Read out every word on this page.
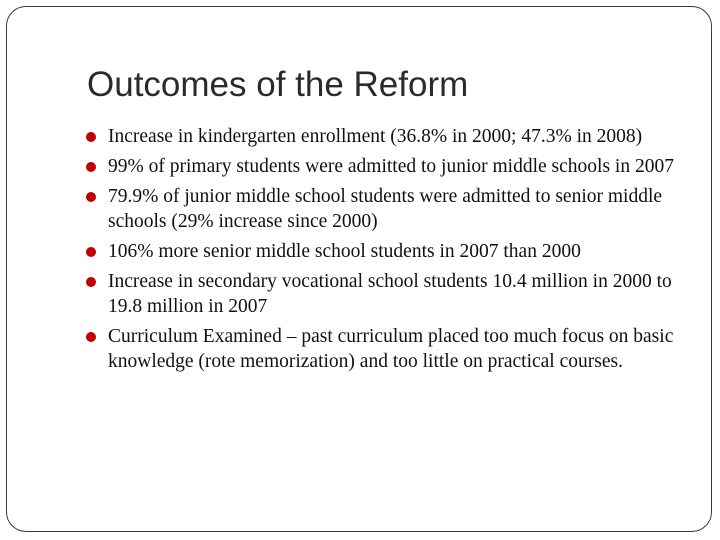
Outcomes of the Reform
Increase in kindergarten enrollment (36.8% in 2000; 47.3% in 2008)
99% of primary students were admitted to junior middle schools in 2007
79.9% of junior middle school students were admitted to senior middle schools (29% increase since 2000)
106% more senior middle school students in 2007 than 2000
Increase in secondary vocational school students 10.4 million in 2000 to 19.8 million in 2007
Curriculum Examined – past curriculum placed too much focus on basic knowledge (rote memorization) and too little on practical courses.
